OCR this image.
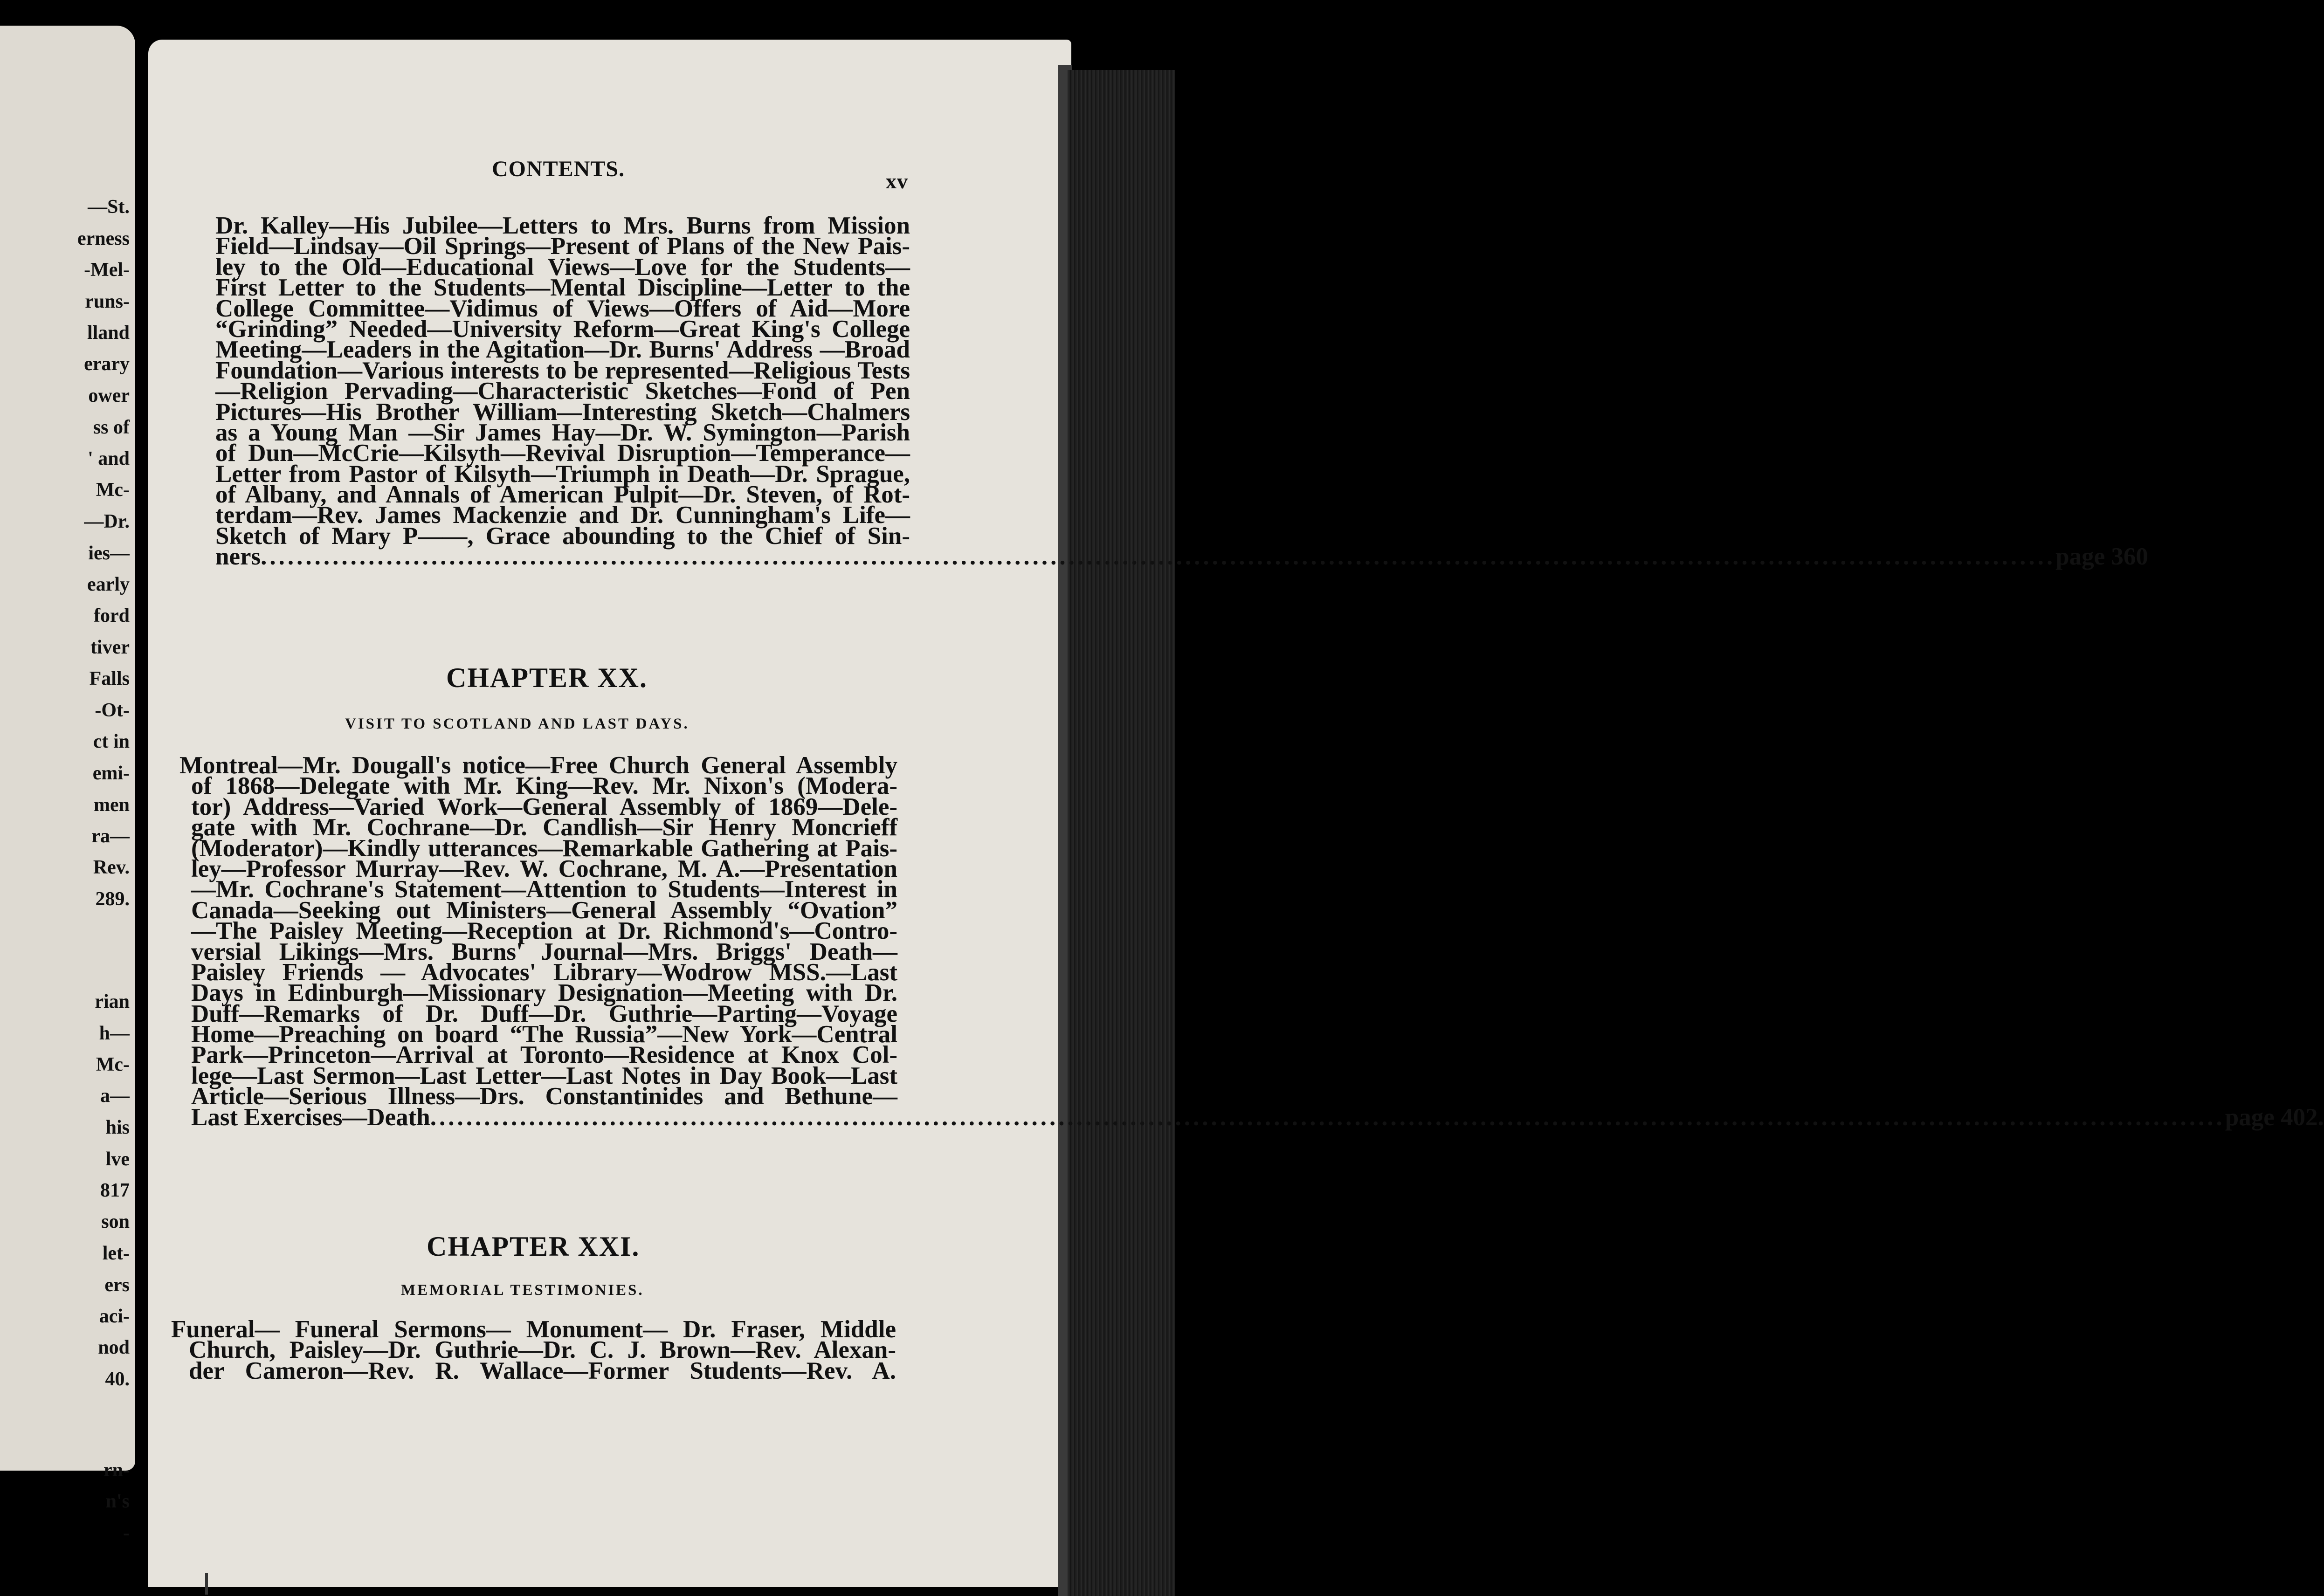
—St.
erness
-Mel-
runs-
lland
erary
ower
ss of
' and
Mc-
—Dr.
ies—
early
ford
tiver
Falls
-Ot-
ct in
emi-
men
ra—
Rev.
289.
rian
h—
Mc-
a—
his
lve
817
son
let-
ers
aci-
nod
40.
rn-
n's
-
CONTENTS.	xv
Dr. Kalley—His Jubilee—Letters to Mrs. Burns from Mission
Field—Lindsay—Oil Springs—Present of Plans of the New Pais-
ley to the Old—Educational Views—Love for the Students—
First Letter to the Students—Mental Discipline—Letter to the
College Committee—Vidimus of Views—Offers of Aid—More
“Grinding” Needed—University Reform—Great King's College
Meeting—Leaders in the Agitation—Dr. Burns' Address —Broad
Foundation—Various interests to be represented—Religious Tests
—Religion Pervading—Characteristic Sketches—Fond of Pen
Pictures—His Brother William—Interesting Sketch—Chalmers
as a Young Man —Sir James Hay—Dr. W. Symington—Parish
of Dun—McCrie—Kilsyth—Revival Disruption—Temperance—
Letter from Pastor of Kilsyth—Triumph in Death—Dr. Sprague,
of Albany, and Annals of American Pulpit—Dr. Steven, of Rot-
terdam—Rev. James Mackenzie and Dr. Cunningham's Life—
Sketch of Mary P——, Grace abounding to the Chief of Sin-
ners ........................................................................................................................................................................................................ page 360
CHAPTER XX.
VISIT TO SCOTLAND AND LAST DAYS.
Montreal—Mr. Dougall's notice—Free Church General Assembly
of 1868—Delegate with Mr. King—Rev. Mr. Nixon's (Modera-
tor) Address—Varied Work—General Assembly of 1869—Dele-
gate with Mr. Cochrane—Dr. Candlish—Sir Henry Moncrieff
(Moderator)—Kindly utterances—Remarkable Gathering at Pais-
ley—Professor Murray—Rev. W. Cochrane, M. A.—Presentation
—Mr. Cochrane's Statement—Attention to Students—Interest in
Canada—Seeking out Ministers—General Assembly “Ovation”
—The Paisley Meeting—Reception at Dr. Richmond's—Contro-
versial Likings—Mrs. Burns' Journal—Mrs. Briggs' Death—
Paisley Friends — Advocates' Library—Wodrow MSS.—Last
Days in Edinburgh—Missionary Designation—Meeting with Dr.
Duff—Remarks of Dr. Duff—Dr. Guthrie—Parting—Voyage
Home—Preaching on board “The Russia”—New York—Central
Park—Princeton—Arrival at Toronto—Residence at Knox Col-
lege—Last Sermon—Last Letter—Last Notes in Day Book—Last
Article—Serious Illness—Drs. Constantinides and Bethune—
Last Exercises—Death ........................................................................................................................................................................................................ page 402.
CHAPTER XXI.
MEMORIAL TESTIMONIES.
Funeral— Funeral Sermons— Monument— Dr. Fraser, Middle
Church, Paisley—Dr. Guthrie—Dr. C. J. Brown—Rev. Alexan-
der Cameron—Rev. R. Wallace—Former Students—Rev. A.
